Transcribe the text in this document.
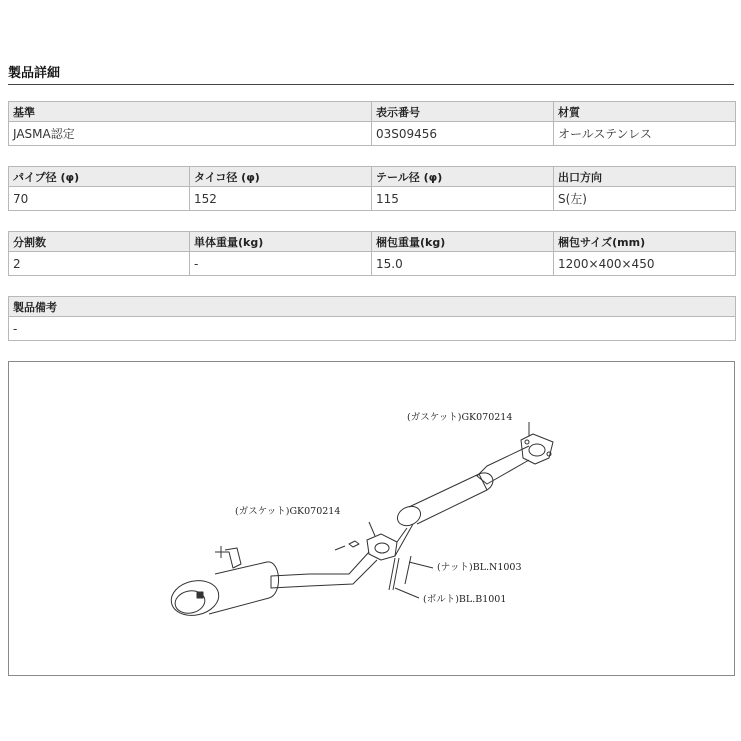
製品詳細
基準	表示番号	材質
JASMA認定	03S09456	オールステンレス
パイプ径 (φ)	タイコ径 (φ)	テール径 (φ)	出口方向
70	152	115	S(左)
分割数	単体重量(kg)	梱包重量(kg)	梱包サイズ(mm)
2	-	15.0	1200×400×450
製品備考
-
(ガスケット)GK070214
(ガスケット)GK070214
(ナット)BL.N1003
(ボルト)BL.B1001
